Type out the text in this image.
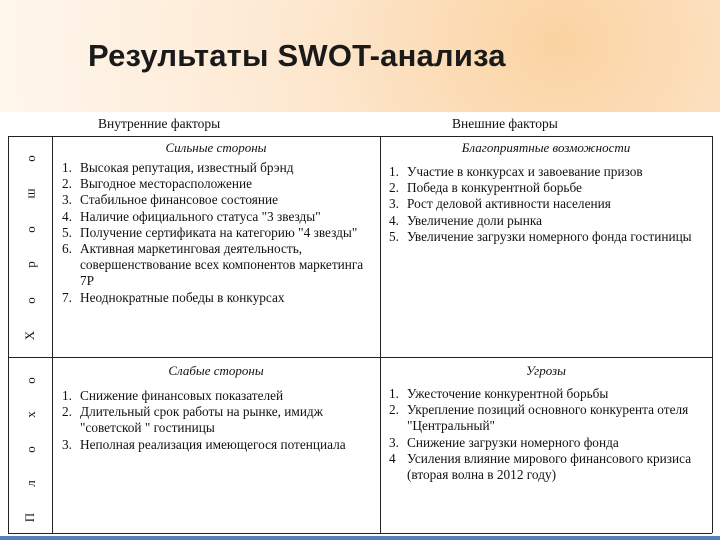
Результаты SWOT-анализа
Внутренние факторы	Внешние факторы
Х
о
р
о
ш
о
П
л
о
х
о
Сильные стороны
1. Высокая репутация, известный брэнд
2. Выгодное месторасположение
3. Стабильное финансовое состояние
4. Наличие официального статуса "3 звезды"
5. Получение сертификата на категорию "4 звезды"
6. Активная маркетинговая деятельность, совершенствование всех компонентов маркетинга 7Р
7. Неоднократные победы в конкурсах
Благоприятные возможности
1. Участие в конкурсах и завоевание призов
2. Победа в конкурентной борьбе
3. Рост деловой активности населения
4. Увеличение доли рынка
5. Увеличение загрузки номерного фонда гостиницы
Слабые стороны
1. Снижение финансовых показателей
2. Длительный срок работы на рынке, имидж "советской " гостиницы
3. Неполная реализация имеющегося потенциала
Угрозы
1. Ужесточение конкурентной борьбы
2. Укрепление позиций основного конкурента отеля "Центральный"
3. Снижение загрузки номерного фонда
4 Усиления влияние мирового финансового кризиса (вторая волна в 2012 году)
